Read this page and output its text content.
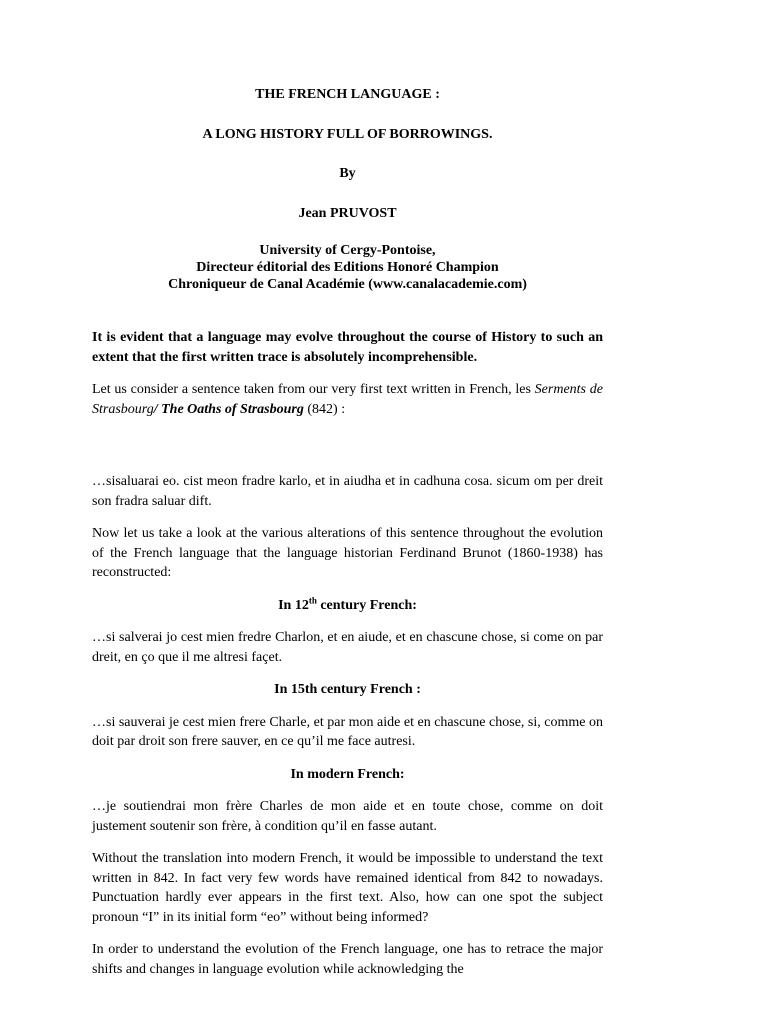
THE FRENCH LANGUAGE :
A LONG HISTORY FULL OF BORROWINGS.
By
Jean PRUVOST
University of Cergy-Pontoise,
Directeur éditorial des Editions Honoré Champion
Chroniqueur de Canal Académie (www.canalacademie.com)

It is evident that a language may evolve throughout the course of History to such an extent that the first written trace is absolutely incomprehensible.

Let us consider a sentence taken from our very first text written in French, les Serments de Strasbourg/ The Oaths of Strasbourg (842) :

…sisaluarai eo. cist meon fradre karlo, et in aiudha et in cadhuna cosa. sicum om per dreit son fradra saluar dift.

Now let us take a look at the various alterations of this sentence throughout the evolution of the French language that the language historian Ferdinand Brunot (1860-1938) has reconstructed:

In 12th century French:

…si salverai jo cest mien fredre Charlon, et en aiude, et en chascune chose, si come on par dreit, en ço que il me altresi façet.

In 15th century French :

…si sauverai je cest mien frere Charle, et par mon aide et en chascune chose, si, comme on doit par droit son frere sauver, en ce qu’il me face autresi.

In modern French:

…je soutiendrai mon frère Charles de mon aide et en toute chose, comme on doit justement soutenir son frère, à condition qu’il en fasse autant.

Without the translation into modern French, it would be impossible to understand the text written in 842. In fact very few words have remained identical from 842 to nowadays. Punctuation hardly ever appears in the first text. Also, how can one spot the subject pronoun “I” in its initial form “eo” without being informed?

In order to understand the evolution of the French language, one has to retrace the major shifts and changes in language evolution while acknowledging the
